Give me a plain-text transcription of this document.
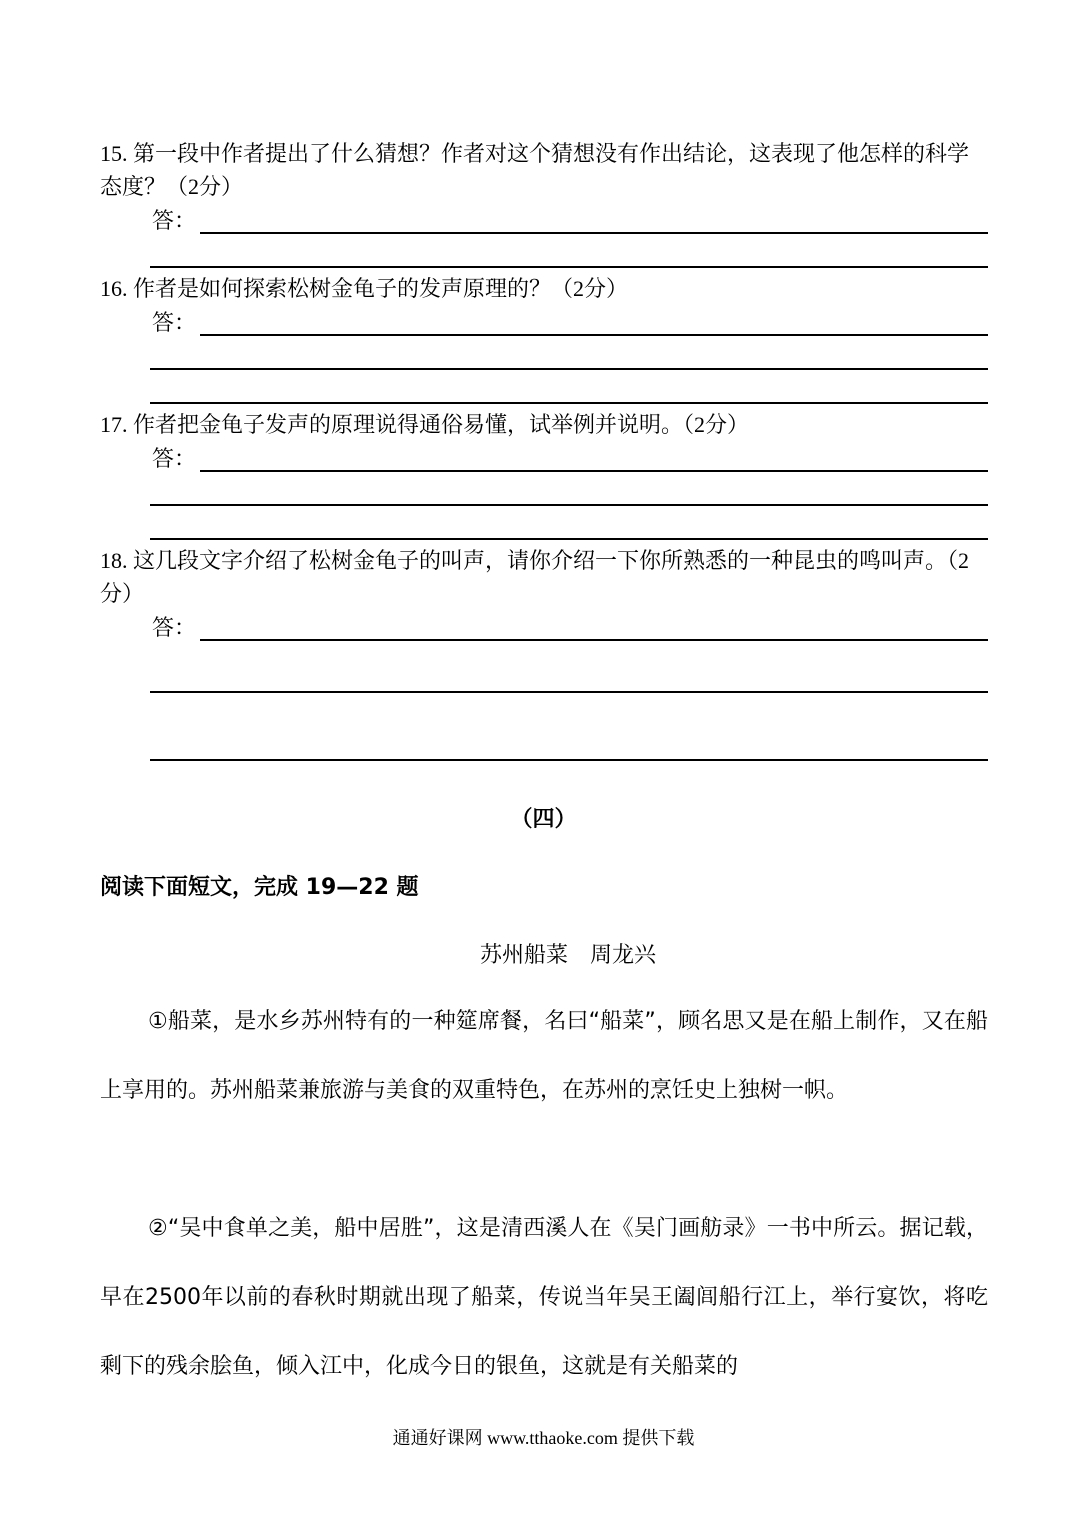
15. 第一段中作者提出了什么猜想？作者对这个猜想没有作出结论，这表现了他怎样的科学态度？（2分）
答：
16. 作者是如何探索松树金龟子的发声原理的？（2分）
答：
17. 作者把金龟子发声的原理说得通俗易懂，试举例并说明。（2分）
答：
18. 这几段文字介绍了松树金龟子的叫声，请你介绍一下你所熟悉的一种昆虫的鸣叫声。（2分）
答：
（四）
阅读下面短文，完成 19—22 题
苏州船菜　周龙兴
①船菜，是水乡苏州特有的一种筵席餐，名曰“船菜”，顾名思又是在船上制作，又在船上享用的。苏州船菜兼旅游与美食的双重特色，在苏州的烹饪史上独树一帜。
②“吴中食单之美，船中居胜”，这是清西溪人在《吴门画舫录》一书中所云。据记载，早在2500年以前的春秋时期就出现了船菜，传说当年吴王阖闾船行江上，举行宴饮，将吃剩下的残余脍鱼，倾入江中，化成今日的银鱼，这就是有关船菜的
通通好课网 www.tthaoke.com 提供下载
